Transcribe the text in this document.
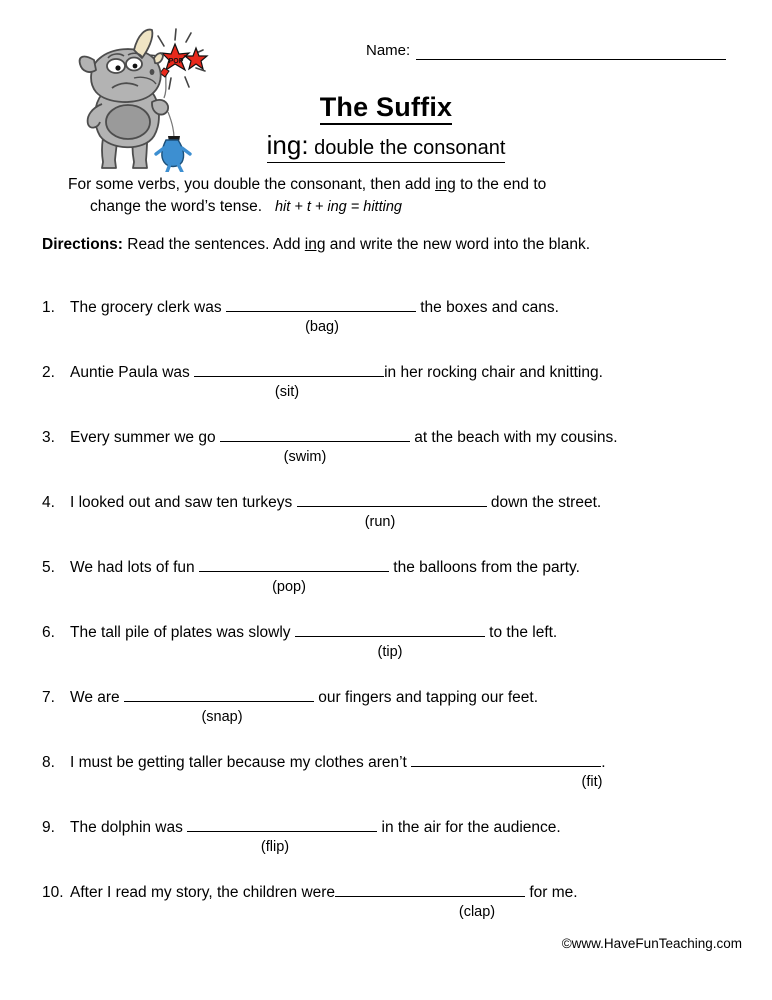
POP
Name:
The Suffix
ing: double the consonant
For some verbs, you double the consonant, then add ing to the end to
change the word’s tense. hit + t + ing = hitting
Directions: Read the sentences. Add ing and write the new word into the blank.
1. The grocery clerk was	the boxes and cans.
(bag)
2. Auntie Paula was	in her rocking chair and knitting.
(sit)
3. Every summer we go	at the beach with my cousins.
(swim)
4. I looked out and saw ten turkeys	down the street.
(run)
5. We had lots of fun	the balloons from the party.
(pop)
6. The tall pile of plates was slowly	to the left.
(tip)
7. We are	our fingers and tapping our feet.
(snap)
8. I must be getting taller because my clothes aren’t	.
(fit)
9. The dolphin was	in the air for the audience.
(flip)
10. After I read my story, the children were	for me.
(clap)
©www.HaveFunTeaching.com
